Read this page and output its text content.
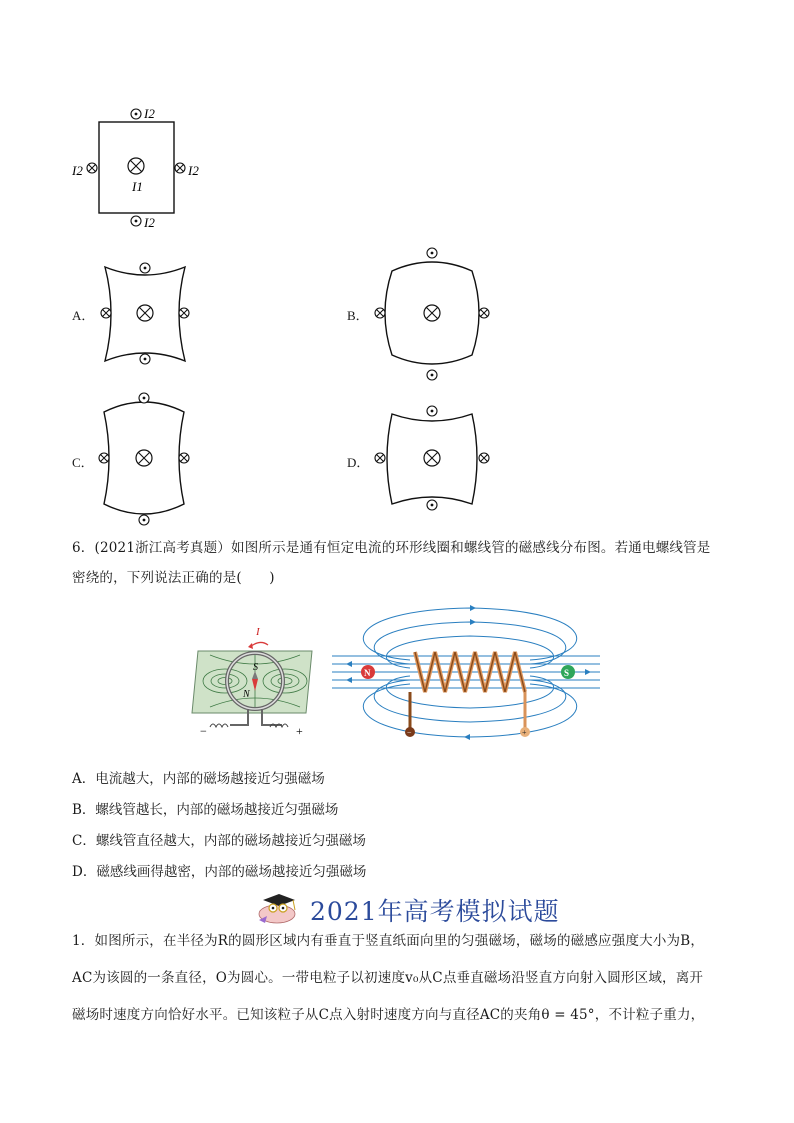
I2
I2	I2
I2
I1
A．	B．
C．	D．
6．(2021浙江高考真题）如图所示是通有恒定电流的环形线圈和螺线管的磁感线分布图。若通电螺线管是
密绕的，下列说法正确的是(　　)
I
S
N
−	+
N	S
−	+
A．电流越大，内部的磁场越接近匀强磁场
B．螺线管越长，内部的磁场越接近匀强磁场
C．螺线管直径越大，内部的磁场越接近匀强磁场
D．磁感线画得越密，内部的磁场越接近匀强磁场
2021年高考模拟试题
1．如图所示，在半径为R的圆形区域内有垂直于竖直纸面向里的匀强磁场，磁场的磁感应强度大小为B，
AC为该圆的一条直径，O为圆心。一带电粒子以初速度v₀从C点垂直磁场沿竖直方向射入圆形区域，离开
磁场时速度方向恰好水平。已知该粒子从C点入射时速度方向与直径AC的夹角θ = 45°，不计粒子重力，
